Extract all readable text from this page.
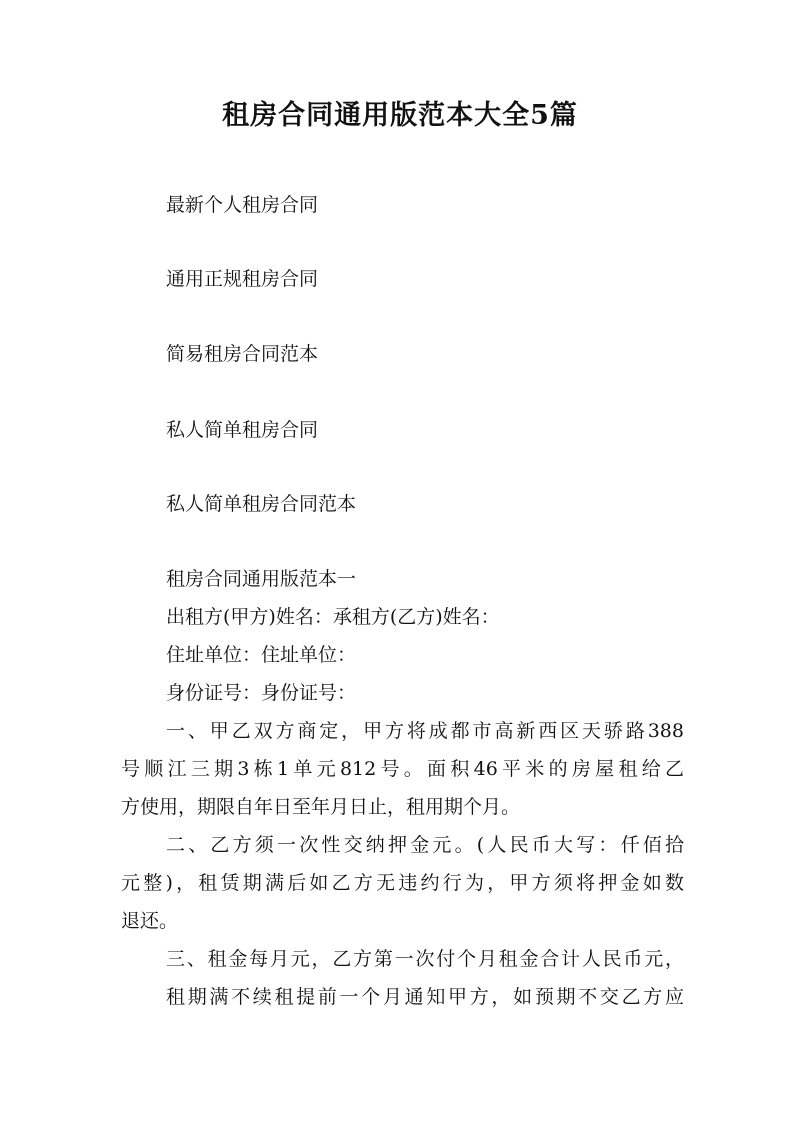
租房合同通用版范本大全5篇
最新个人租房合同
通用正规租房合同
简易租房合同范本
私人简单租房合同
私人简单租房合同范本
租房合同通用版范本一
出租方(甲方)姓名：承租方(乙方)姓名：
住址单位：住址单位：
身份证号：身份证号：
一、甲乙双方商定，甲方将成都市高新西区天骄路388
号顺江三期3栋1单元812号。面积46平米的房屋租给乙
方使用，期限自年日至年月日止，租用期个月。
二、乙方须一次性交纳押金元。(人民币大写：仟佰拾
元整)，租赁期满后如乙方无违约行为，甲方须将押金如数
退还。
三、租金每月元，乙方第一次付个月租金合计人民币元，
租期满不续租提前一个月通知甲方，如预期不交乙方应
